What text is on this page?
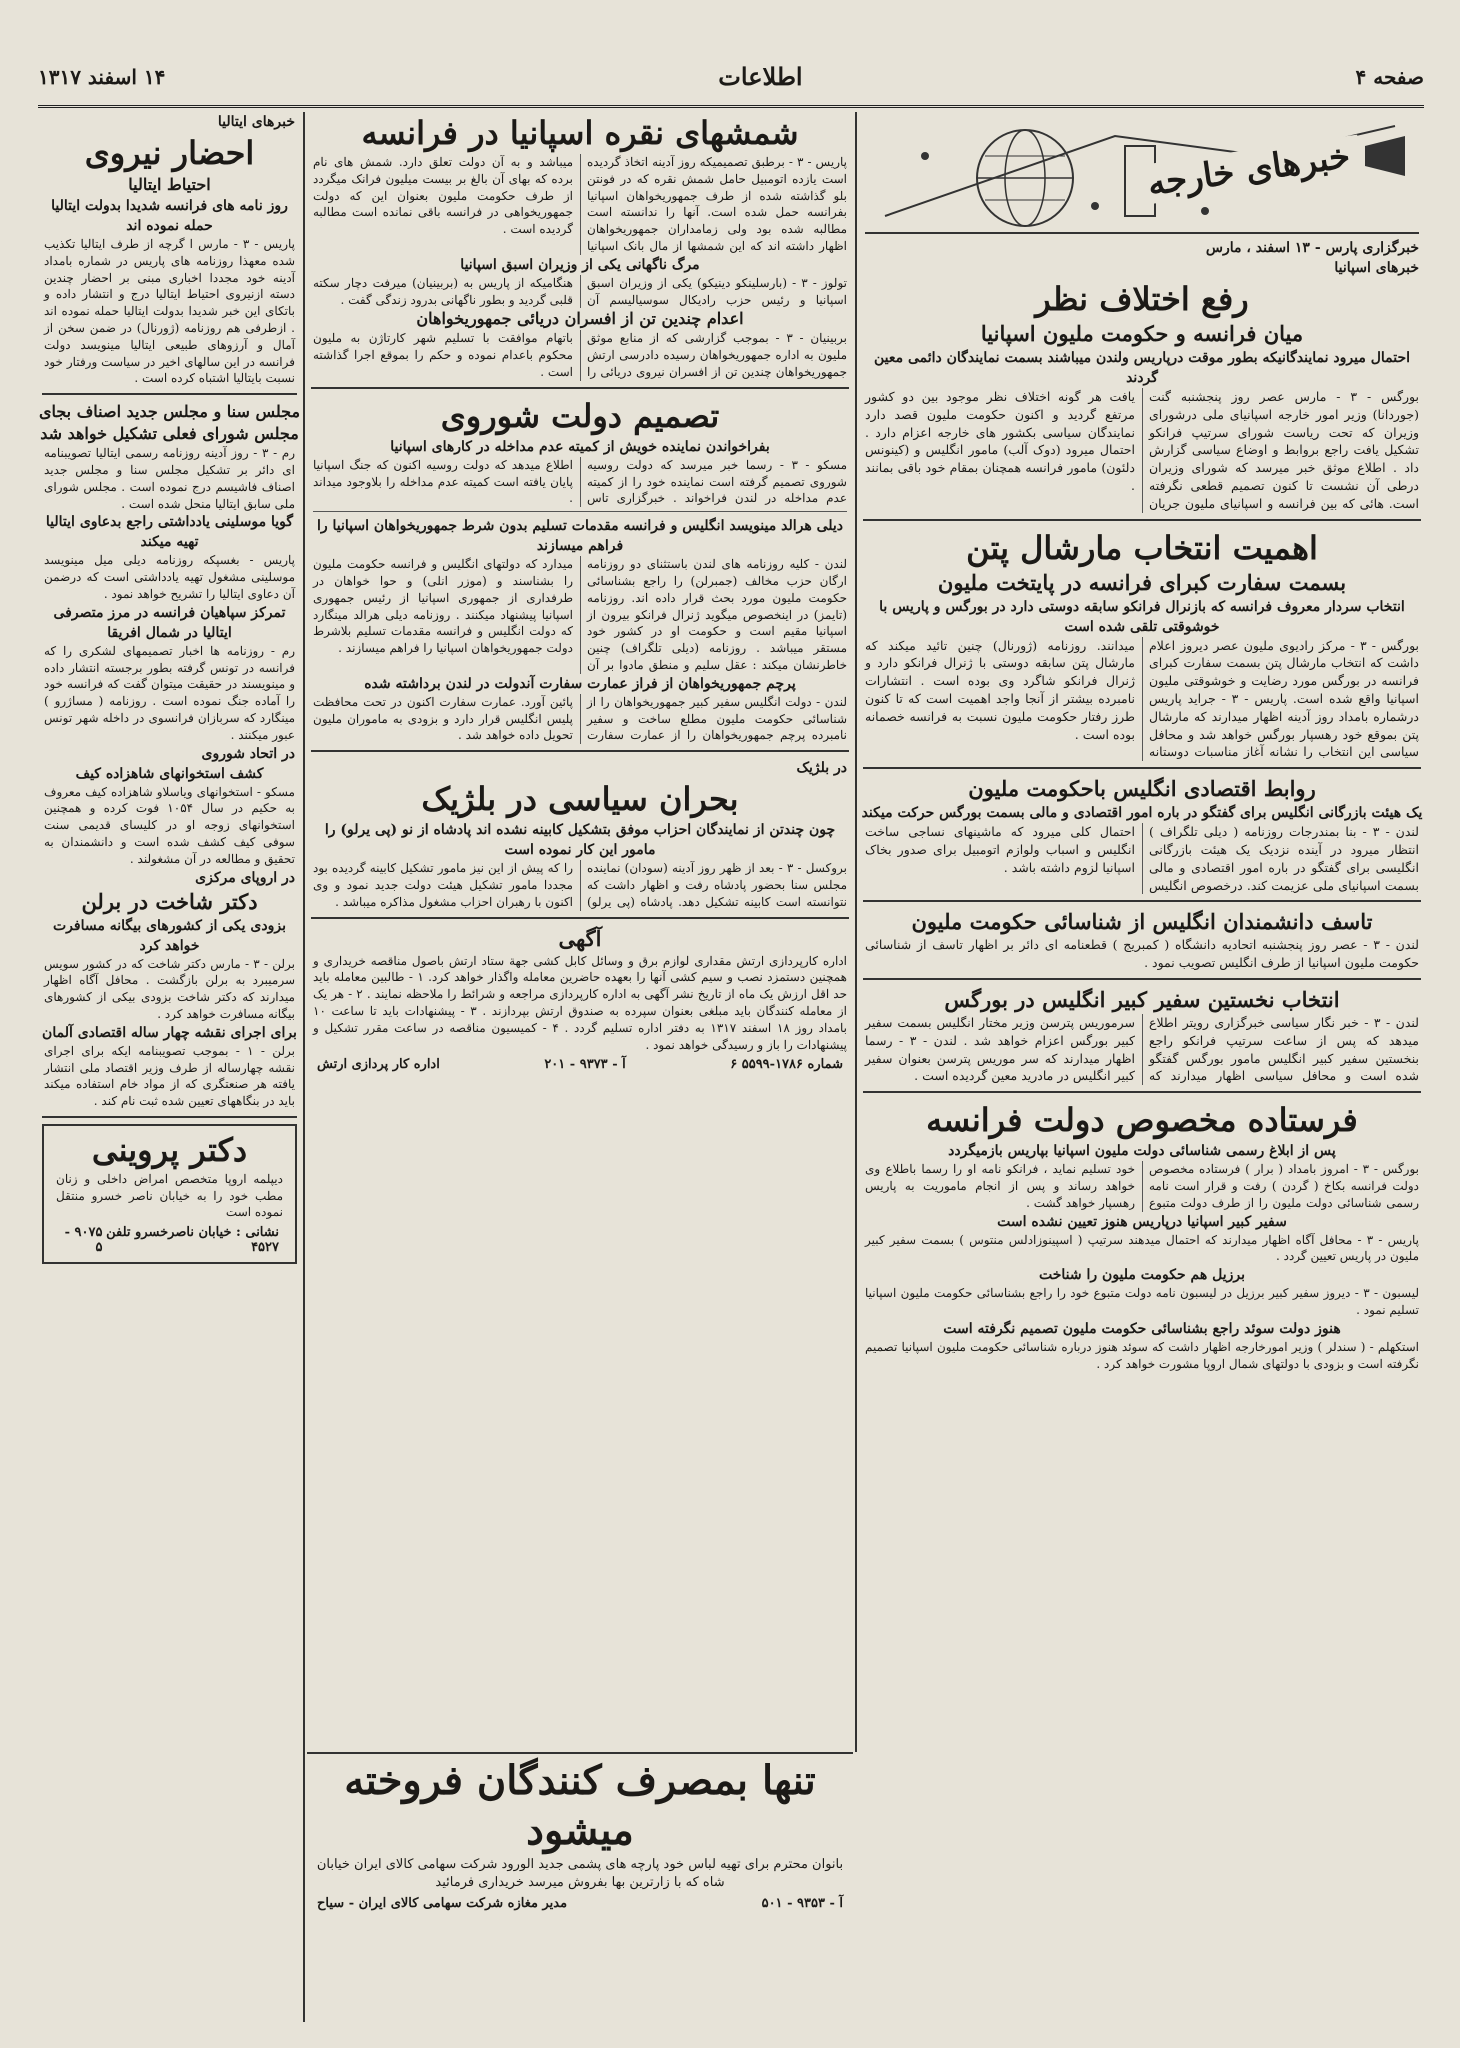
صفحه ۴
اطلاعات
۱۴ اسفند ۱۳۱۷
خبرهای خارجه
خبرگزاری پارس - ۱۳ اسفند ، مارس
خبرهای اسپانیا
رفع اختلاف نظر
میان فرانسه و حکومت ملیون اسپانیا
احتمال میرود نمایندگانیکه بطور موقت درپاریس ولندن میباشند بسمت نمایندگان دائمی معین گردند
بورگس - ۳ - مارس عصر روز پنجشنبه گنت (جوردانا) وزیر امور خارجه اسپانیای ملی درشورای وزیران که تحت ریاست شورای سرتیپ فرانکو تشکیل یافت راجع بروابط و اوضاع سیاسی گزارش داد . اطلاع موثق خبر میرسد که شورای وزیران درطی آن نشست تا کنون تصمیم قطعی نگرفته است. هائی که بین فرانسه و اسپانیای ملیون جریان یافت هر گونه اختلاف نظر موجود بین دو کشور مرتفع گردید و اکنون حکومت ملیون قصد دارد نمایندگان سیاسی بکشور های خارجه اعزام دارد . احتمال میرود (دوک آلب) مامور انگلیس و (کینونس دلئون) مامور فرانسه همچنان بمقام خود باقی بمانند .
اهمیت انتخاب مارشال پتن
بسمت سفارت کبرای فرانسه در پایتخت ملیون
انتخاب سردار معروف فرانسه که بازنرال فرانکو سابقه دوستی دارد در بورگس و پاریس با خوشوقتی تلقی شده است
بورگس - ۳ - مرکز رادیوی ملیون عصر دیروز اعلام داشت که انتخاب مارشال پتن بسمت سفارت کبرای فرانسه در بورگس مورد رضایت و خوشوقتی ملیون اسپانیا واقع شده است. پاریس - ۳ - جراید پاریس درشماره بامداد روز آدینه اظهار میدارند که مارشال پتن بموقع خود رهسپار بورگس خواهد شد و محافل سیاسی این انتخاب را نشانه آغاز مناسبات دوستانه میدانند. روزنامه (ژورنال) چنین تائید میکند که مارشال پتن سابقه دوستی با ژنرال فرانکو دارد و ژنرال فرانکو شاگرد وی بوده است . انتشارات نامبرده بیشتر از آنجا واجد اهمیت است که تا کنون طرز رفتار حکومت ملیون نسبت به فرانسه خصمانه بوده است .
روابط اقتصادی انگلیس باحکومت ملیون
یک هیئت بازرگانی انگلیس برای گفتگو در باره امور اقتصادی و مالی بسمت بورگس حرکت میکند
لندن - ۳ - بنا بمندرجات روزنامه ( دیلی تلگراف ) انتظار میرود در آینده نزدیک یک هیئت بازرگانی انگلیسی برای گفتگو در باره امور اقتصادی و مالی بسمت اسپانیای ملی عزیمت کند. درخصوص انگلیس احتمال کلی میرود که ماشینهای نساجی ساخت انگلیس و اسباب ولوازم اتومبیل برای صدور بخاک اسپانیا لزوم داشته باشد .
تاسف دانشمندان انگلیس از شناسائی حکومت ملیون
لندن - ۳ - عصر روز پنجشنبه اتحادیه دانشگاه ( کمبریج ) قطعنامه ای دائر بر اظهار تاسف از شناسائی حکومت ملیون اسپانیا از طرف انگلیس تصویب نمود .
انتخاب نخستین سفیر کبیر انگلیس در بورگس
لندن - ۳ - خبر نگار سیاسی خبرگزاری رویتر اطلاع میدهد که پس از ساعت سرتیپ فرانکو راجع بنخستین سفیر کبیر انگلیس مامور بورگس گفتگو شده است و محافل سیاسی اظهار میدارند که سرموریس پترسن وزیر مختار انگلیس بسمت سفیر کبیر بورگس اعزام خواهد شد . لندن - ۳ - رسما اظهار میدارند که سر موریس پترسن بعنوان سفیر کبیر انگلیس در مادرید معین گردیده است .
فرستاده مخصوص دولت فرانسه
پس از ابلاغ رسمی شناسائی دولت ملیون اسپانیا بپاریس بازمیگردد
بورگس - ۳ - امروز بامداد ( برار ) فرستاده مخصوص دولت فرانسه بکاخ ( گردن ) رفت و قرار است نامه رسمی شناسائی دولت ملیون را از طرف دولت متبوع خود تسلیم نماید ، فرانکو نامه او را رسما باطلاع وی خواهد رساند و پس از انجام ماموریت به پاریس رهسپار خواهد گشت .
سفیر کبیر اسپانیا درپاریس هنوز تعیین نشده است
پاریس - ۳ - محافل آگاه اظهار میدارند که احتمال میدهند سرتیپ ( اسپینوزادلس منتوس ) بسمت سفیر کبیر ملیون در پاریس تعیین گردد .
برزیل هم حکومت ملیون را شناخت
لیسبون - ۳ - دیروز سفیر کبیر برزیل در لیسبون نامه دولت متبوع خود را راجع بشناسائی حکومت ملیون اسپانیا تسلیم نمود .
هنوز دولت سوئد راجع بشناسائی حکومت ملیون تصمیم نگرفته است
استکهلم - ( سندلر ) وزیر امورخارجه اظهار داشت که سوئد هنوز درباره شناسائی حکومت ملیون اسپانیا تصمیم نگرفته است و بزودی با دولتهای شمال اروپا مشورت خواهد کرد .
شمشهای نقره اسپانیا در فرانسه
پاریس - ۳ - برطبق تصمیمیکه روز آدینه اتخاذ گردیده است یازده اتومبیل حامل شمش نقره که در فونتن بلو گذاشته شده از طرف جمهوریخواهان اسپانیا بفرانسه حمل شده است. آنها را ندانسته است مطالبه شده بود ولی زمامداران جمهوریخواهان اظهار داشته اند که این شمشها از مال بانک اسپانیا میباشد و به آن دولت تعلق دارد. شمش های نام برده که بهای آن بالغ بر بیست میلیون فرانک میگردد از طرف حکومت ملیون بعنوان این که دولت جمهوریخواهی در فرانسه باقی نمانده است مطالبه گردیده است .
مرگ ناگهانی یکی از وزیران اسبق اسپانیا
تولوز - ۳ - (بارسلینکو دینیکو) یکی از وزیران اسبق اسپانیا و رئیس حزب رادیکال سوسیالیسم آن هنگامیکه از پاریس به (بربینیان) میرفت دچار سکته قلبی گردید و بطور ناگهانی بدرود زندگی گفت .
اعدام چندین تن از افسران دریائی جمهوریخواهان
بربینیان - ۳ - بموجب گزارشی که از منابع موثق ملیون به اداره جمهوریخواهان رسیده دادرسی ارتش جمهوریخواهان چندین تن از افسران نیروی دریائی را باتهام موافقت با تسلیم شهر کارتاژن به ملیون محکوم باعدام نموده و حکم را بموقع اجرا گذاشته است .
تصمیم دولت شوروی
بفراخواندن نماینده خویش از کمیته عدم مداخله در کارهای اسپانیا
مسکو - ۳ - رسما خبر میرسد که دولت روسیه شوروی تصمیم گرفته است نماینده خود را از کمیته عدم مداخله در لندن فراخواند . خبرگزاری تاس اطلاع میدهد که دولت روسیه اکنون که جنگ اسپانیا پایان یافته است کمیته عدم مداخله را بلاوجود میداند .
دیلی هرالد مینویسد انگلیس و فرانسه مقدمات تسلیم بدون شرط جمهوریخواهان اسپانیا را فراهم میسازند
لندن - کلیه روزنامه های لندن باستثنای دو روزنامه ارگان حزب مخالف (جمبرلن) را راجع بشناسائی حکومت ملیون مورد بحث قرار داده اند. روزنامه (تایمز) در اینخصوص میگوید ژنرال فرانکو بیرون از اسپانیا مقیم است و حکومت او در کشور خود مستقر میباشد . روزنامه (دیلی تلگراف) چنین خاطرنشان میکند : عقل سلیم و منطق مادوا بر آن میدارد که دولتهای انگلیس و فرانسه حکومت ملیون را بشناسند و (موزر انلی) و حوا خواهان در طرفداری از جمهوری اسپانیا از رئیس جمهوری اسپانیا پیشنهاد میکنند . روزنامه دیلی هرالد مینگارد که دولت انگلیس و فرانسه مقدمات تسلیم بلاشرط دولت جمهوریخواهان اسپانیا را فراهم میسازند .
پرچم جمهوریخواهان از فراز عمارت سفارت آندولت در لندن برداشته شده
لندن - دولت انگلیس سفیر کبیر جمهوریخواهان را از شناسائی حکومت ملیون مطلع ساخت و سفیر نامبرده پرچم جمهوریخواهان را از عمارت سفارت پائین آورد. عمارت سفارت اکنون در تحت محافظت پلیس انگلیس قرار دارد و بزودی به ماموران ملیون تحویل داده خواهد شد .
در بلژیک
بحران سیاسی در بلژیک
چون چندتن از نمایندگان احزاب موفق بتشکیل کابینه نشده اند پادشاه از نو (پی یرلو) را مامور این کار نموده است
بروکسل - ۳ - بعد از ظهر روز آدینه (سودان) نماینده مجلس سنا بحضور پادشاه رفت و اظهار داشت که نتوانسته است کابینه تشکیل دهد. پادشاه (پی یرلو) را که پیش از این نیز مامور تشکیل کابینه گردیده بود مجددا مامور تشکیل هیئت دولت جدید نمود و وی اکنون با رهبران احزاب مشغول مذاکره میباشد .
آگهی
اداره کارپردازی ارتش مقداری لوازم برق و وسائل کابل کشی جهة ستاد ارتش باصول مناقصه خریداری و همچنین دستمزد نصب و سیم کشی آنها را بعهده حاضرین معامله واگذار خواهد کرد. ۱ - طالبین معامله باید حد اقل ارزش یک ماه از تاریخ نشر آگهی به اداره کارپردازی مراجعه و شرائط را ملاحظه نمایند . ۲ - هر یک از معامله کنندگان باید مبلغی بعنوان سپرده به صندوق ارتش بپردازند . ۳ - پیشنهادات باید تا ساعت ۱۰ بامداد روز ۱۸ اسفند ۱۳۱۷ به دفتر اداره تسلیم گردد . ۴ - کمیسیون مناقصه در ساعت مقرر تشکیل و پیشنهادات را باز و رسیدگی خواهد نمود .
شماره ۱۷۸۶-۵۵۹۹ ۶
آ - ۹۳۷۳ - ۲۰۱
اداره کار پردازی ارتش
تنها بمصرف کنندگان فروخته میشود
بانوان محترم برای تهیه لباس خود پارچه های پشمی جدید الورود شرکت سهامی کالای ایران خیابان شاه که با زارترین بها بفروش میرسد خریداری فرمائید
آ - ۹۳۵۳ - ۵۰۱
مدیر مغازه شرکت سهامی کالای ایران - سیاح
خبرهای ایتالیا
احضار نیروی
احتیاط ایتالیا
روز نامه های فرانسه شدیدا بدولت ایتالیا حمله نموده اند
پاریس - ۳ - مارس ا گرچه از طرف ایتالیا تکذیب شده معهذا روزنامه های پاریس در شماره بامداد آدینه خود مجددا اخباری مبنی بر احضار چندین دسته ازنیروی احتیاط ایتالیا درج و انتشار داده و باتکای این خبر شدیدا بدولت ایتالیا حمله نموده اند . ازطرفی هم روزنامه (ژورنال) در ضمن سخن از آمال و آرزوهای طبیعی ایتالیا مینویسد دولت فرانسه در این سالهای اخیر در سیاست ورفتار خود نسبت بایتالیا اشتباه کرده است .
مجلس سنا و مجلس جدید اصناف بجای مجلس شورای فعلی تشکیل خواهد شد
رم - ۳ - روز آدینه روزنامه رسمی ایتالیا تصویبنامه ای دائر بر تشکیل مجلس سنا و مجلس جدید اصناف فاشیسم درج نموده است . مجلس شورای ملی سابق ایتالیا منحل شده است .
گویا موسلینی یادداشتی راجع بدعاوی ایتالیا تهیه میکند
پاریس - بغسپکه روزنامه دیلی میل مینویسد موسلینی مشغول تهیه یادداشتی است که درضمن آن دعاوی ایتالیا را تشریح خواهد نمود .
تمرکز سپاهیان فرانسه در مرز متصرفی ایتالیا در شمال افریقا
رم - روزنامه ها اخبار تصمیمهای لشکری را که فرانسه در تونس گرفته بطور برجسته انتشار داده و مینویسند در حقیقت میتوان گفت که فرانسه خود را آماده جنگ نموده است . روزنامه ( مساژرو ) مینگارد که سربازان فرانسوی در داخله شهر تونس عبور میکنند .
در اتحاد شوروی
کشف استخوانهای شاهزاده کیف
مسکو - استخوانهای ویاسلاو شاهزاده کیف معروف به حکیم در سال ۱۰۵۴ فوت کرده و همچنین استخوانهای زوجه او در کلیسای قدیمی سنت سوفی کیف کشف شده است و دانشمندان به تحقیق و مطالعه در آن مشغولند .
در اروپای مرکزی
دکتر شاخت در برلن
بزودی یکی از کشورهای بیگانه مسافرت خواهد کرد
برلن - ۳ - مارس دکتر شاخت که در کشور سویس سرمیبرد به برلن بازگشت . محافل آگاه اظهار میدارند که دکتر شاخت بزودی بیکی از کشورهای بیگانه مسافرت خواهد کرد .
برای اجرای نقشه چهار ساله اقتصادی آلمان
برلن - ۱ - بموجب تصویبنامه ایکه برای اجرای نقشه چهارساله از طرف وزیر اقتصاد ملی انتشار یافته هر صنعتگری که از مواد خام استفاده میکند باید در بنگاههای تعیین شده ثبت نام کند .
دکتر پروینی
دیپلمه اروپا متخصص امراض داخلی و زنان مطب خود را به خیابان ناصر خسرو منتقل نموده است
نشانی : خیابان ناصرخسرو تلفن ۴۵۲۷
۹۰۷۵ - ۵
